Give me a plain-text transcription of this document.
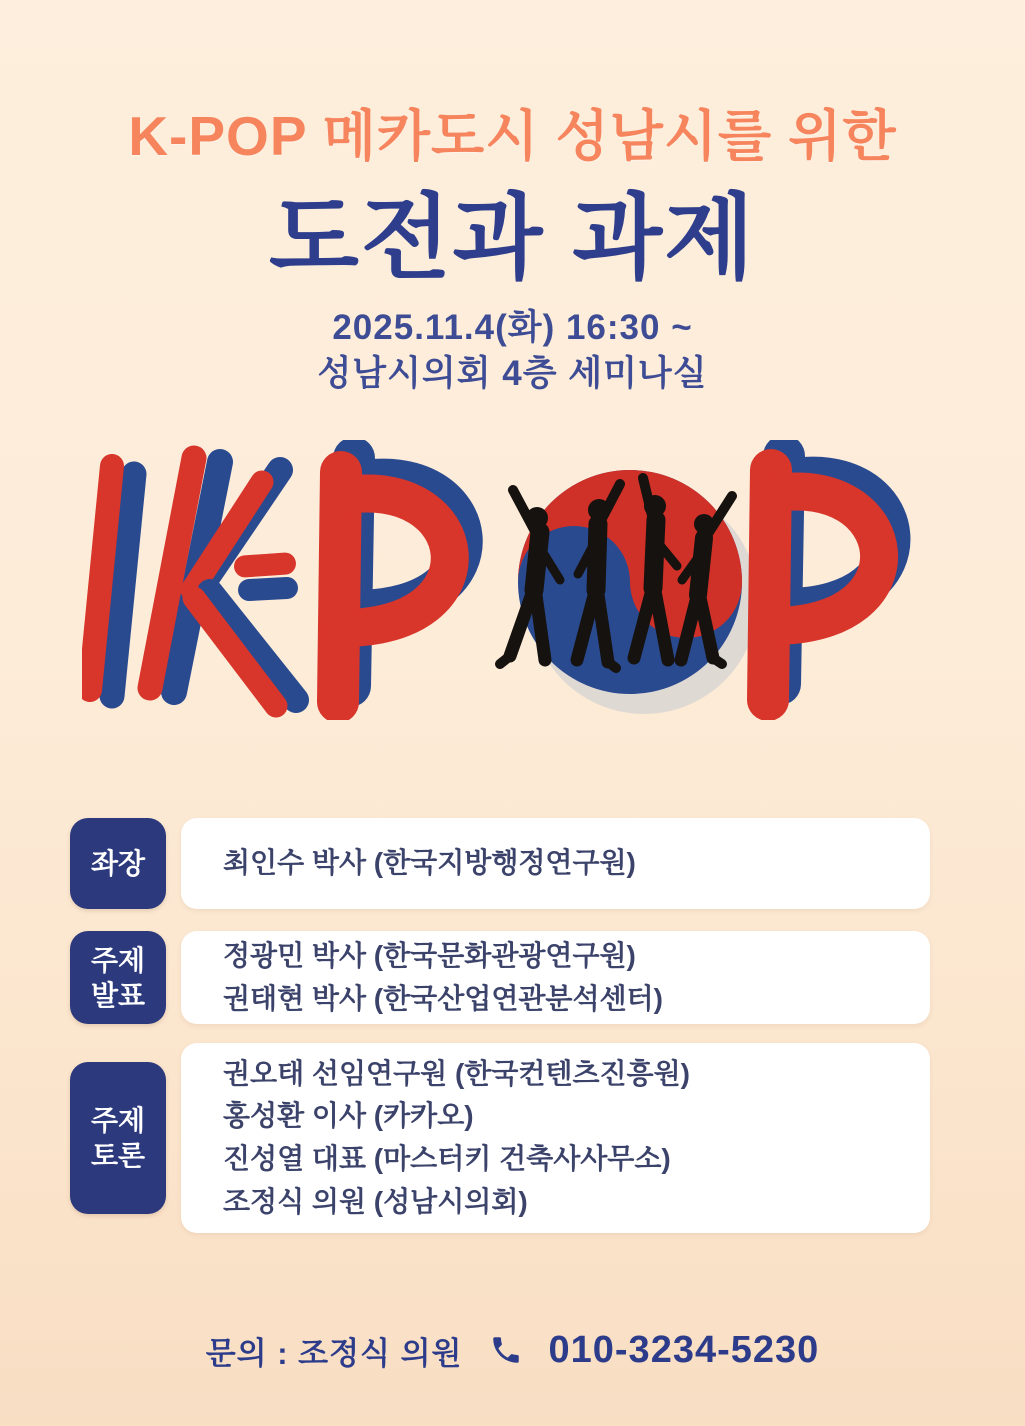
K-POP 메카도시 성남시를 위한
도전과 과제
2025.11.4(화) 16:30 ~
성남시의회 4층 세미나실
좌장	최인수 박사 (한국지방행정연구원)
주제
발표
정광민 박사 (한국문화관광연구원)
권태현 박사 (한국산업연관분석센터)
주제
토론
권오태 선임연구원 (한국컨텐츠진흥원)
홍성환 이사 (카카오)
진성열 대표 (마스터키 건축사사무소)
조정식 의원 (성남시의회)
문의 : 조정식 의원 010-3234-5230
